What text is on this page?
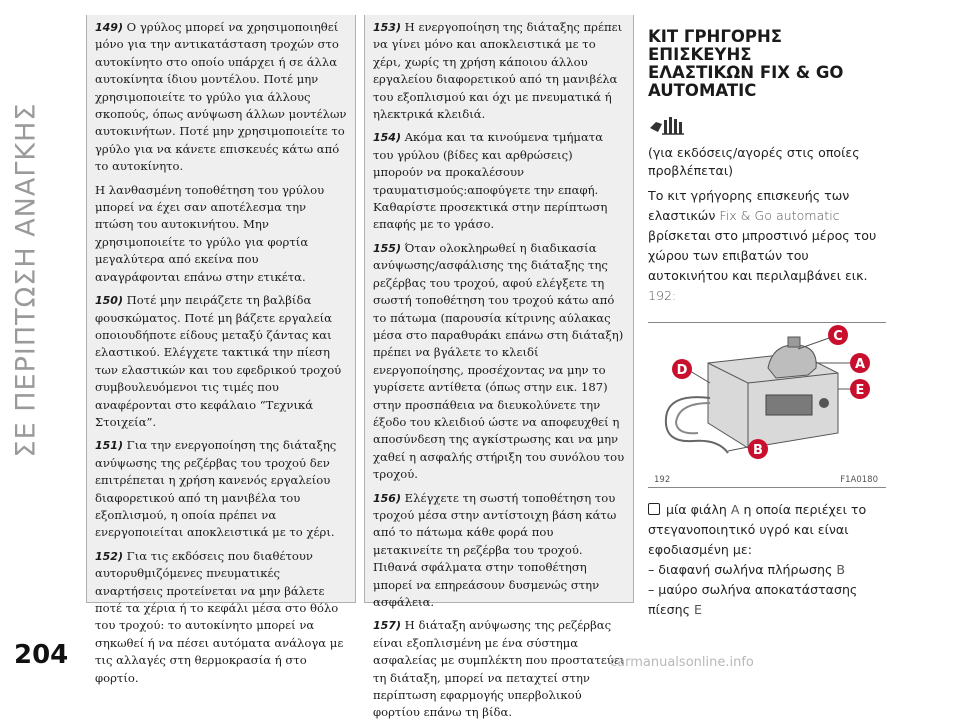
ΣΕ ΠΕΡΙΠΤΩΣΗ ΑΝΑΓΚΗΣ

149) Ο γρύλος μπορεί να χρησιμοποιηθεί μόνο για την αντικατάσταση τροχών στο αυτοκίνητο στο οποίο υπάρχει ή σε άλλα αυτοκίνητα ίδιου μοντέλου. Ποτέ μην χρησιμοποιείτε το γρύλο για άλλους σκοπούς, όπως ανύψωση άλλων μοντέλων αυτοκινήτων. Ποτέ μην χρησιμοποιείτε το γρύλο για να κάνετε επισκευές κάτω από το αυτοκίνητο.

Η λανθασμένη τοποθέτηση του γρύλου μπορεί να έχει σαν αποτέλεσμα την πτώση του αυτοκινήτου. Μην χρησιμοποιείτε το γρύλο για φορτία μεγαλύτερα από εκείνα που αναγράφονται επάνω στην ετικέτα.

150) Ποτέ μην πειράζετε τη βαλβίδα φουσκώματος. Ποτέ μη βάζετε εργαλεία οποιουδήποτε είδους μεταξύ ζάντας και ελαστικού. Ελέγχετε τακτικά την πίεση των ελαστικών και του εφεδρικού τροχού συμβουλευόμενοι τις τιμές που αναφέρονται στο κεφάλαιο “Τεχνικά Στοιχεία”.

151) Για την ενεργοποίηση της διάταξης ανύψωσης της ρεζέρβας του τροχού δεν επιτρέπεται η χρήση κανενός εργαλείου διαφορετικού από τη μανιβέλα του εξοπλισμού, η οποία πρέπει να ενεργοποιείται αποκλειστικά με το χέρι.

152) Για τις εκδόσεις που διαθέτουν αυτορυθμιζόμενες πνευματικές αναρτήσεις προτείνεται να μην βάλετε ποτέ τα χέρια ή το κεφάλι μέσα στο θόλο του τροχού: το αυτοκίνητο μπορεί να σηκωθεί ή να πέσει αυτόματα ανάλογα με τις αλλαγές στη θερμοκρασία ή στο φορτίο.

153) Η ενεργοποίηση της διάταξης πρέπει να γίνει μόνο και αποκλειστικά με το χέρι, χωρίς τη χρήση κάποιου άλλου εργαλείου διαφορετικού από τη μανιβέλα του εξοπλισμού και όχι με πνευματικά ή ηλεκτρικά κλειδιά.

154) Ακόμα και τα κινούμενα τμήματα του γρύλου (βίδες και αρθρώσεις) μπορούν να προκαλέσουν τραυματισμούς:αποφύγετε την επαφή. Καθαρίστε προσεκτικά στην περίπτωση επαφής με το γράσο.

155) Όταν ολοκληρωθεί η διαδικασία ανύψωσης/ασφάλισης της διάταξης της ρεζέρβας του τροχού, αφού ελέγξετε τη σωστή τοποθέτηση του τροχού κάτω από το πάτωμα (παρουσία κίτρινης αύλακας μέσα στο παραθυράκι επάνω στη διάταξη) πρέπει να βγάλετε το κλειδί ενεργοποίησης, προσέχοντας να μην το γυρίσετε αντίθετα (όπως στην εικ. 187) στην προσπάθεια να διευκολύνετε την έξοδο του κλειδιού ώστε να αποφευχθεί η αποσύνδεση της αγκίστρωσης και να μην χαθεί η ασφαλής στήριξη του συνόλου του τροχού.

156) Ελέγχετε τη σωστή τοποθέτηση του τροχού μέσα στην αντίστοιχη βάση κάτω από το πάτωμα κάθε φορά που μετακινείτε τη ρεζέρβα του τροχού. Πιθανά σφάλματα στην τοποθέτηση μπορεί να επηρεάσουν δυσμενώς στην ασφάλεια.

157) Η διάταξη ανύψωσης της ρεζέρβας είναι εξοπλισμένη με ένα σύστημα ασφαλείας με συμπλέκτη που προστατεύει τη διάταξη, μπορεί να πεταχτεί στην περίπτωση εφαρμογής υπερβολικού φορτίου επάνω τη βίδα.

ΚΙΤ ΓΡΗΓΟΡΗΣ ΕΠΙΣΚΕΥΗΣ
ΕΛΑΣΤΙΚΩΝ FIX & GO
AUTOMATIC

(για εκδόσεις/αγορές στις οποίες προβλέπεται)

Το κιτ γρήγορης επισκευής των ελαστικών Fix & Go automatic βρίσκεται στο μπροστινό μέρος του χώρου των επιβατών του αυτοκινήτου και περιλαμβάνει εικ. 192:

C
A
D
E
B
192	F1A0180
μία φιάλη A η οποία περιέχει το στεγανοποιητικό υγρό και είναι εφοδιασμένη με:
– διαφανή σωλήνα πλήρωσης B
– μαύρο σωλήνα αποκατάστασης πίεσης E
204	carmanualsonline.info
